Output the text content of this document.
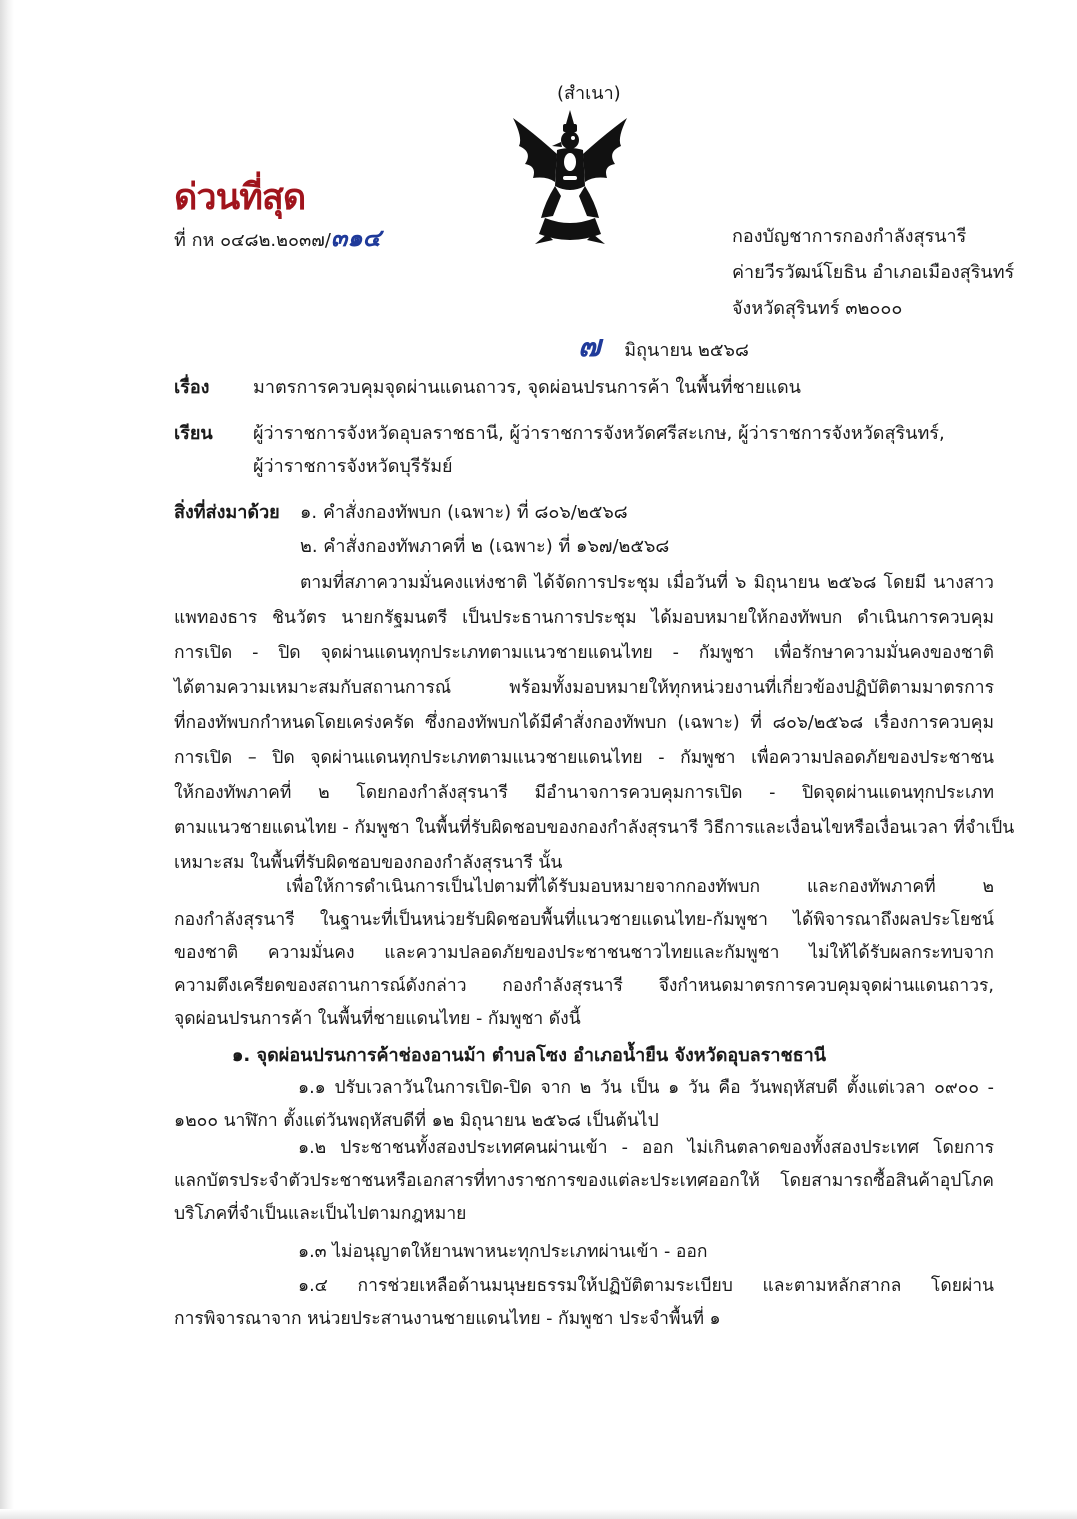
(สำเนา)
ด่วนที่สุด
ที่ กห ๐๔๘๒.๒๐๓๗/๓๑๔	กองบัญชาการกองกำลังสุรนารี
ค่ายวีรวัฒน์โยธิน อำเภอเมืองสุรินทร์
จังหวัดสุรินทร์ ๓๒๐๐๐
๗ มิถุนายน ๒๕๖๘
เรื่อง มาตรการควบคุมจุดผ่านแดนถาวร, จุดผ่อนปรนการค้า ในพื้นที่ชายแดน
เรียน ผู้ว่าราชการจังหวัดอุบลราชธานี, ผู้ว่าราชการจังหวัดศรีสะเกษ, ผู้ว่าราชการจังหวัดสุรินทร์,
ผู้ว่าราชการจังหวัดบุรีรัมย์
สิ่งที่ส่งมาด้วย ๑. คำสั่งกองทัพบก (เฉพาะ) ที่ ๘๐๖/๒๕๖๘
๒. คำสั่งกองทัพภาคที่ ๒ (เฉพาะ) ที่ ๑๖๗/๒๕๖๘
ตามที่สภาความมั่นคงแห่งชาติ ได้จัดการประชุม เมื่อวันที่ ๖ มิถุนายน ๒๕๖๘ โดยมี นางสาว
แพทองธาร ชินวัตร นายกรัฐมนตรี เป็นประธานการประชุม ได้มอบหมายให้กองทัพบก ดำเนินการควบคุม
การเปิด - ปิด จุดผ่านแดนทุกประเภทตามแนวชายแดนไทย - กัมพูชา เพื่อรักษาความมั่นคงของชาติ
ได้ตามความเหมาะสมกับสถานการณ์ พร้อมทั้งมอบหมายให้ทุกหน่วยงานที่เกี่ยวข้องปฏิบัติตามมาตรการ
ที่กองทัพบกกำหนดโดยเคร่งครัด ซึ่งกองทัพบกได้มีคำสั่งกองทัพบก (เฉพาะ) ที่ ๘๐๖/๒๕๖๘ เรื่องการควบคุม
การเปิด – ปิด จุดผ่านแดนทุกประเภทตามแนวชายแดนไทย - กัมพูชา เพื่อความปลอดภัยของประชาชน
ให้กองทัพภาคที่ ๒ โดยกองกำลังสุรนารี มีอำนาจการควบคุมการเปิด - ปิดจุดผ่านแดนทุกประเภท
ตามแนวชายแดนไทย - กัมพูชา ในพื้นที่รับผิดชอบของกองกำลังสุรนารี วิธีการและเงื่อนไขหรือเงื่อนเวลา ที่จำเป็น
เหมาะสม ในพื้นที่รับผิดชอบของกองกำลังสุรนารี นั้น
เพื่อให้การดำเนินการเป็นไปตามที่ได้รับมอบหมายจากกองทัพบก และกองทัพภาคที่ ๒
กองกำลังสุรนารี ในฐานะที่เป็นหน่วยรับผิดชอบพื้นที่แนวชายแดนไทย-กัมพูชา ได้พิจารณาถึงผลประโยชน์
ของชาติ ความมั่นคง และความปลอดภัยของประชาชนชาวไทยและกัมพูชา ไม่ให้ได้รับผลกระทบจาก
ความตึงเครียดของสถานการณ์ดังกล่าว กองกำลังสุรนารี จึงกำหนดมาตรการควบคุมจุดผ่านแดนถาวร,
จุดผ่อนปรนการค้า ในพื้นที่ชายแดนไทย - กัมพูชา ดังนี้
๑. จุดผ่อนปรนการค้าช่องอานม้า ตำบลโซง อำเภอน้ำยืน จังหวัดอุบลราชธานี
๑.๑ ปรับเวลาวันในการเปิด-ปิด จาก ๒ วัน เป็น ๑ วัน คือ วันพฤหัสบดี ตั้งแต่เวลา ๐๙๐๐ -
๑๒๐๐ นาฬิกา ตั้งแต่วันพฤหัสบดีที่ ๑๒ มิถุนายน ๒๕๖๘ เป็นต้นไป
๑.๒ ประชาชนทั้งสองประเทศคนผ่านเข้า - ออก ไม่เกินตลาดของทั้งสองประเทศ โดยการ
แลกบัตรประจำตัวประชาชนหรือเอกสารที่ทางราชการของแต่ละประเทศออกให้ โดยสามารถซื้อสินค้าอุปโภค
บริโภคที่จำเป็นและเป็นไปตามกฎหมาย
๑.๓ ไม่อนุญาตให้ยานพาหนะทุกประเภทผ่านเข้า - ออก
๑.๔ การช่วยเหลือด้านมนุษยธรรมให้ปฏิบัติตามระเบียบ และตามหลักสากล โดยผ่าน
การพิจารณาจาก หน่วยประสานงานชายแดนไทย - กัมพูชา ประจำพื้นที่ ๑
